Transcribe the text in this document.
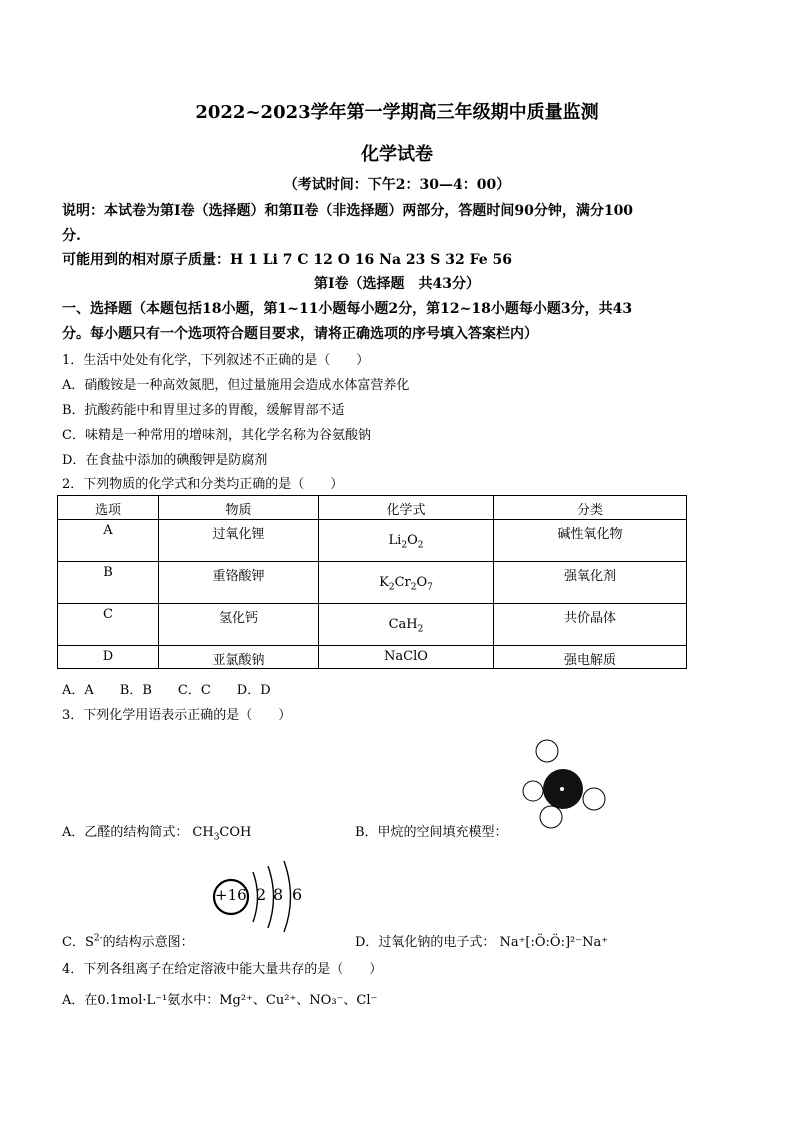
2022~2023学年第一学期高三年级期中质量监测
化学试卷
（考试时间：下午2：30—4：00）
说明：本试卷为第Ⅰ卷（选择题）和第Ⅱ卷（非选择题）两部分，答题时间90分钟，满分100
分.
可能用到的相对原子质量：H 1 Li 7 C 12 O 16 Na 23 S 32 Fe 56
第Ⅰ卷（选择题　共43分）
一、选择题（本题包括18小题，第1~11小题每小题2分，第12~18小题每小题3分，共43
分。每小题只有一个选项符合题目要求，请将正确选项的序号填入答案栏内）
1．生活中处处有化学，下列叙述不正确的是（　　）
A．硝酸铵是一种高效氮肥，但过量施用会造成水体富营养化
B．抗酸药能中和胃里过多的胃酸，缓解胃部不适
C．味精是一种常用的增味剂，其化学名称为谷氨酸钠
D．在食盐中添加的碘酸钾是防腐剂
2．下列物质的化学式和分类均正确的是（　　）
选项	物质	化学式	分类
A	过氧化锂	$Li_2O_2$	碱性氧化物
B	重铬酸钾	$K_2Cr_2O_7$	强氧化剂
C	氢化钙	CaH$_2$	共价晶体
D	亚氯酸钠	NaClO	强电解质
A．A　　B．B　　C．C　　D．D
3．下列化学用语表示正确的是（　　）
A．乙醛的结构简式： $CH_3COH$	B．甲烷的空间填充模型：
+16 2 8 6
C．$S^{2-}$的结构示意图：	D．过氧化钠的电子式： Na⁺[:Ö:Ö:]²⁻Na⁺
4．下列各组离子在给定溶液中能大量共存的是（　　）
A．在0.1mol·L⁻¹氨水中：Mg²⁺、Cu²⁺、NO₃⁻、Cl⁻
